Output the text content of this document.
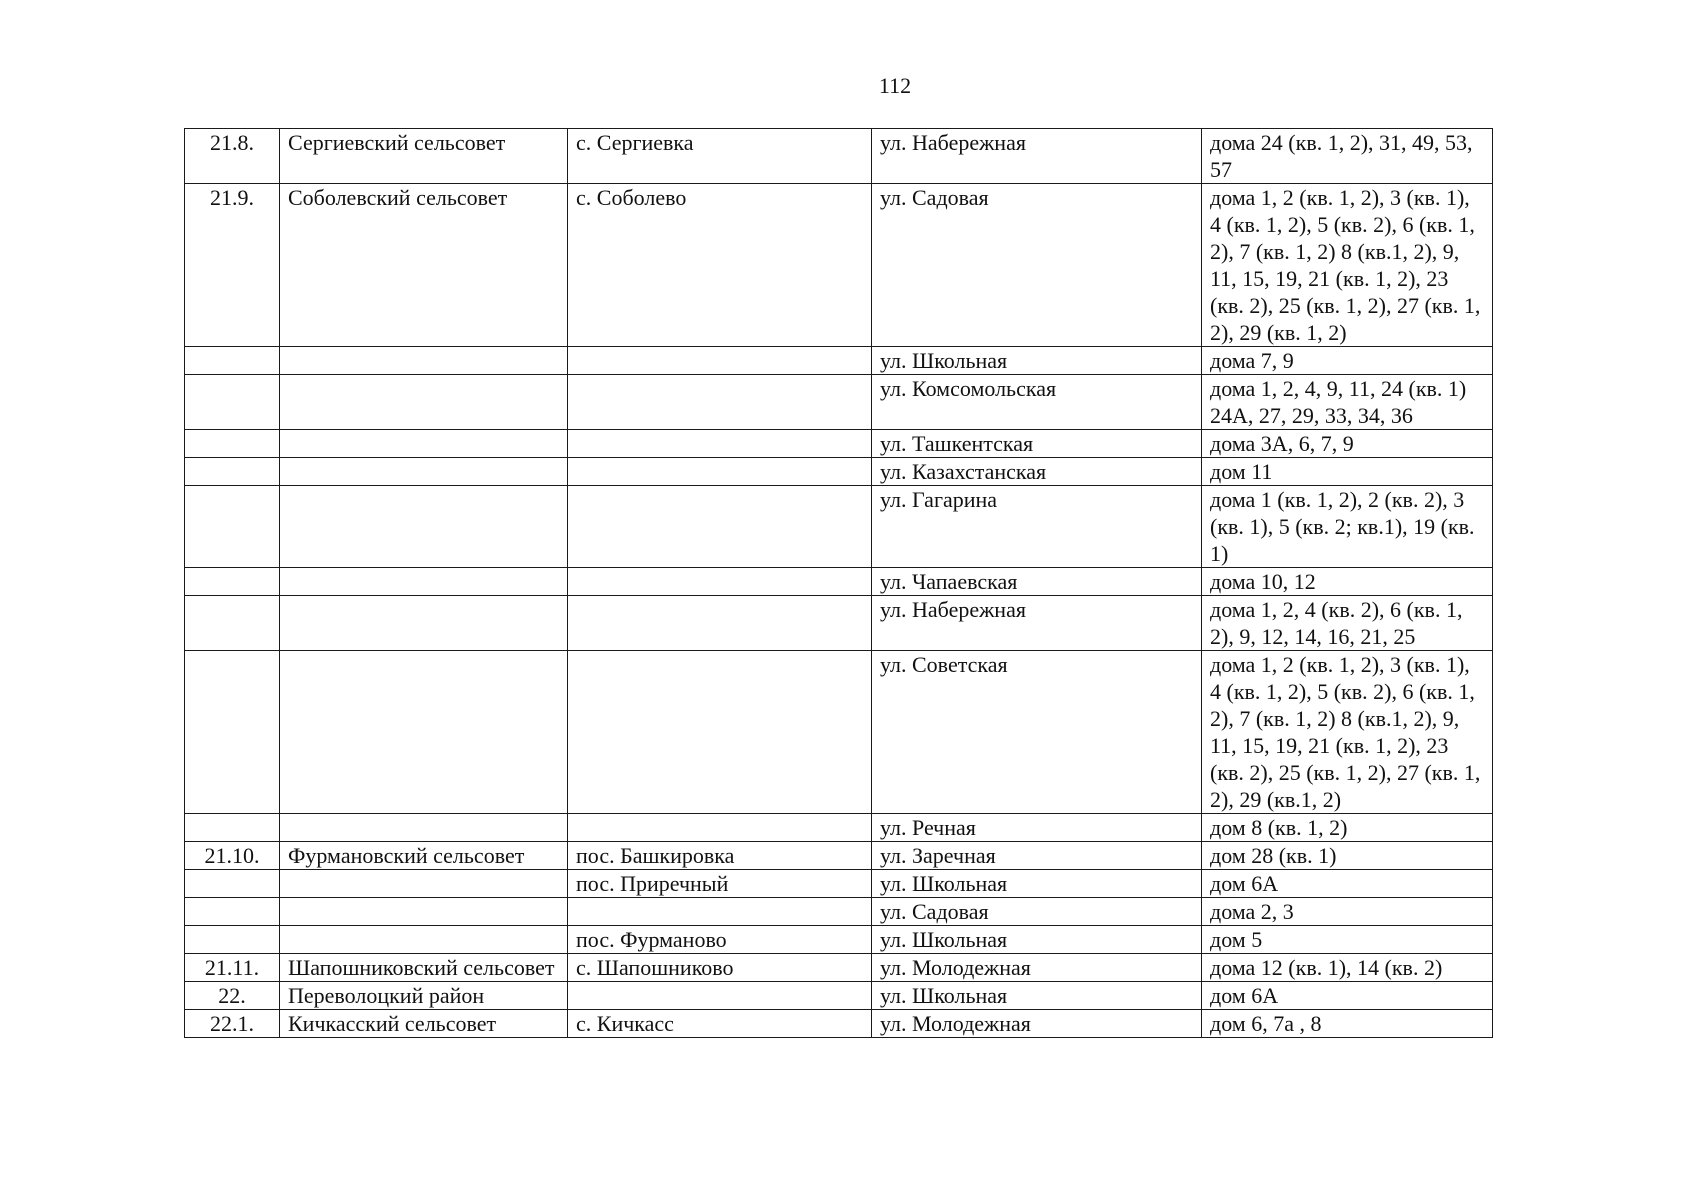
112
21.8.	Сергиевский сельсовет	с. Сергиевка	ул. Набережная	дома 24 (кв. 1, 2), 31, 49, 53, 57
21.9.	Соболевский сельсовет	с. Соболево	ул. Садовая	дома 1, 2 (кв. 1, 2), 3 (кв. 1), 4 (кв. 1, 2), 5 (кв. 2), 6 (кв. 1, 2), 7 (кв. 1, 2) 8 (кв.1, 2), 9, 11, 15, 19, 21 (кв. 1, 2), 23 (кв. 2), 25 (кв. 1, 2), 27 (кв. 1, 2), 29 (кв. 1, 2)
			ул. Школьная	дома 7, 9
			ул. Комсомольская	дома 1, 2, 4, 9, 11, 24 (кв. 1) 24А, 27, 29, 33, 34, 36
			ул. Ташкентская	дома 3А, 6, 7, 9
			ул. Казахстанская	дом 11
			ул. Гагарина	дома 1 (кв. 1, 2), 2 (кв. 2), 3 (кв. 1), 5 (кв. 2; кв.1), 19 (кв. 1)
			ул. Чапаевская	дома 10, 12
			ул. Набережная	дома 1, 2, 4 (кв. 2), 6 (кв. 1, 2), 9, 12, 14, 16, 21, 25
			ул. Советская	дома 1, 2 (кв. 1, 2), 3 (кв. 1), 4 (кв. 1, 2), 5 (кв. 2), 6 (кв. 1, 2), 7 (кв. 1, 2) 8 (кв.1, 2), 9, 11, 15, 19, 21 (кв. 1, 2), 23 (кв. 2), 25 (кв. 1, 2), 27 (кв. 1, 2), 29 (кв.1, 2)
			ул. Речная	дом 8 (кв. 1, 2)
21.10.	Фурмановский сельсовет	пос. Башкировка	ул. Заречная	дом 28 (кв. 1)
		пос. Приречный	ул. Школьная	дом 6А
			ул. Садовая	дома 2, 3
		пос. Фурманово	ул. Школьная	дом 5
21.11.	Шапошниковский сельсовет	с. Шапошниково	ул. Молодежная	дома 12 (кв. 1), 14 (кв. 2)
22.	Переволоцкий район		ул. Школьная	дом 6А
22.1.	Кичкасский сельсовет	с. Кичкасс	ул. Молодежная	дом 6, 7а , 8
